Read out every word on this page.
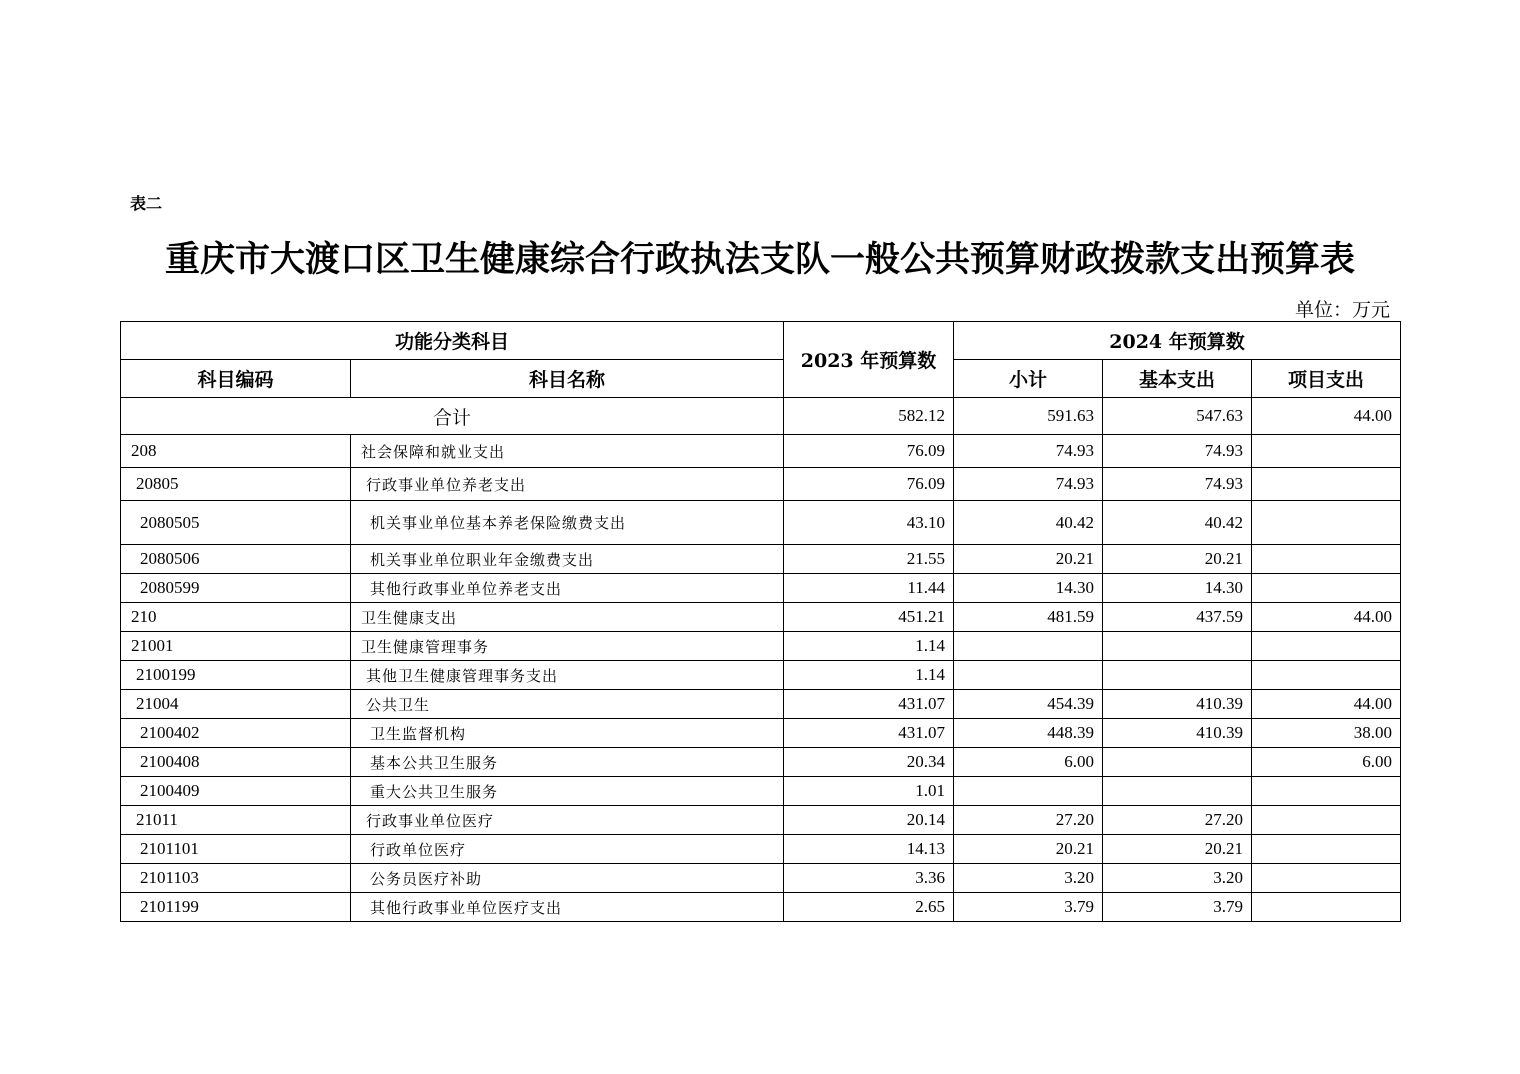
表二
重庆市大渡口区卫生健康综合行政执法支队一般公共预算财政拨款支出预算表
单位：万元
功能分类科目		2023 年预算数	2024 年预算数		
科目编码	科目名称		小计	基本支出	项目支出
合计		582.12	591.63	547.63	44.00
208	社会保障和就业支出	76.09	74.93	74.93	
20805	行政事业单位养老支出	76.09	74.93	74.93	
2080505	机关事业单位基本养老保险缴费支出	43.10	40.42	40.42	
2080506	机关事业单位职业年金缴费支出	21.55	20.21	20.21	
2080599	其他行政事业单位养老支出	11.44	14.30	14.30	
210	卫生健康支出	451.21	481.59	437.59	44.00
21001	卫生健康管理事务	1.14			
2100199	其他卫生健康管理事务支出	1.14			
21004	公共卫生	431.07	454.39	410.39	44.00
2100402	卫生监督机构	431.07	448.39	410.39	38.00
2100408	基本公共卫生服务	20.34	6.00		6.00
2100409	重大公共卫生服务	1.01			
21011	行政事业单位医疗	20.14	27.20	27.20	
2101101	行政单位医疗	14.13	20.21	20.21	
2101103	公务员医疗补助	3.36	3.20	3.20	
2101199	其他行政事业单位医疗支出	2.65	3.79	3.79	
